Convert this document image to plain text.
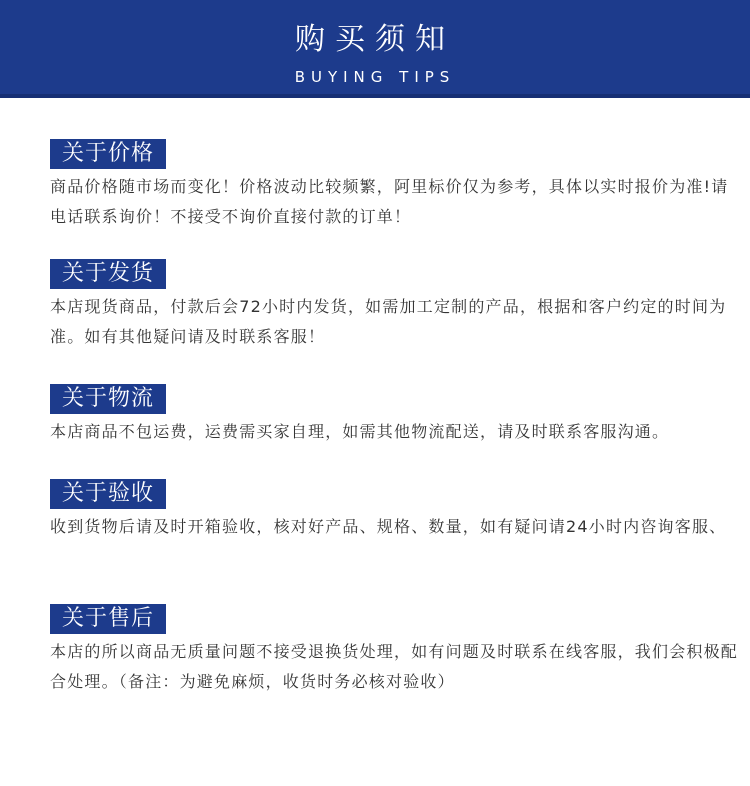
购买须知
BUYING TIPS
关于价格
商品价格随市场而变化！价格波动比较频繁，阿里标价仅为参考，具体以实时报价为准!请电话联系询价！不接受不询价直接付款的订单！
关于发货
本店现货商品，付款后会72小时内发货，如需加工定制的产品，根据和客户约定的时间为准。如有其他疑问请及时联系客服！
关于物流
本店商品不包运费，运费需买家自理，如需其他物流配送，请及时联系客服沟通。
关于验收
收到货物后请及时开箱验收，核对好产品、规格、数量，如有疑问请24小时内咨询客服、
关于售后
本店的所以商品无质量问题不接受退换货处理，如有问题及时联系在线客服，我们会积极配合处理。（备注：为避免麻烦，收货时务必核对验收）
